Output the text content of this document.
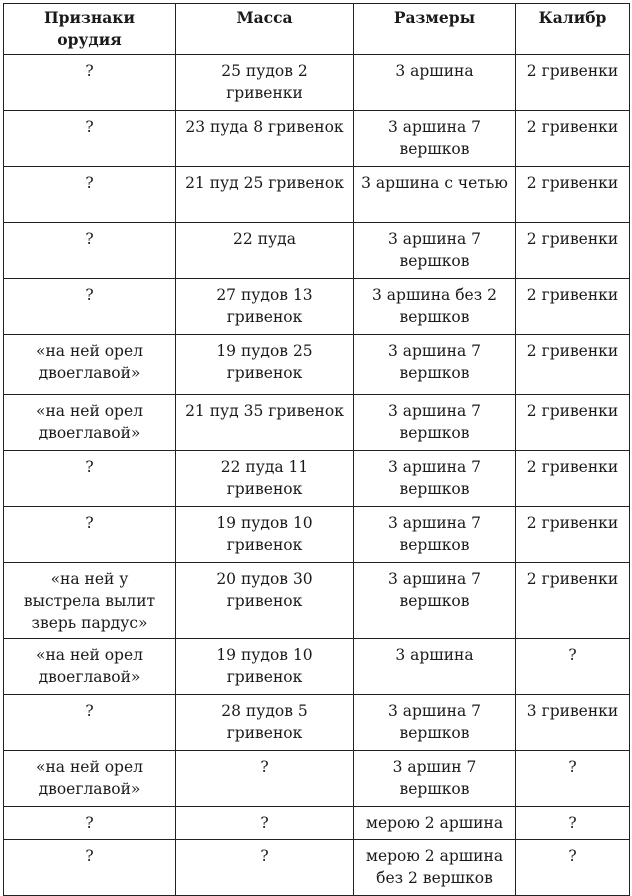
Признаки орудия	Масса	Размеры	Калибр
?	25 пудов 2 гривенки	3 аршина	2 гривенки
?	23 пуда 8 гривенок	3 аршина 7 вершков	2 гривенки
?	21 пуд 25 гривенок	3 аршина с четью	2 гривенки
?	22 пуда	3 аршина 7 вершков	2 гривенки
?	27 пудов 13 гривенок	3 аршина без 2 вершков	2 гривенки
«на ней орел двоеглавой»	19 пудов 25 гривенок	3 аршина 7 вершков	2 гривенки
«на ней орел двоеглавой»	21 пуд 35 гривенок	3 аршина 7 вершков	2 гривенки
?	22 пуда 11 гривенок	3 аршина 7 вершков	2 гривенки
?	19 пудов 10 гривенок	3 аршина 7 вершков	2 гривенки
«на ней у выстрела вылит зверь пардус»	20 пудов 30 гривенок	3 аршина 7 вершков	2 гривенки
«на ней орел двоеглавой»	19 пудов 10 гривенок	3 аршина	?
?	28 пудов 5 гривенок	3 аршина 7 вершков	3 гривенки
«на ней орел двоеглавой»	?	3 аршин 7 вершков	?
?	?	мерою 2 аршина	?
?	?	мерою 2 аршина без 2 вершков	?
